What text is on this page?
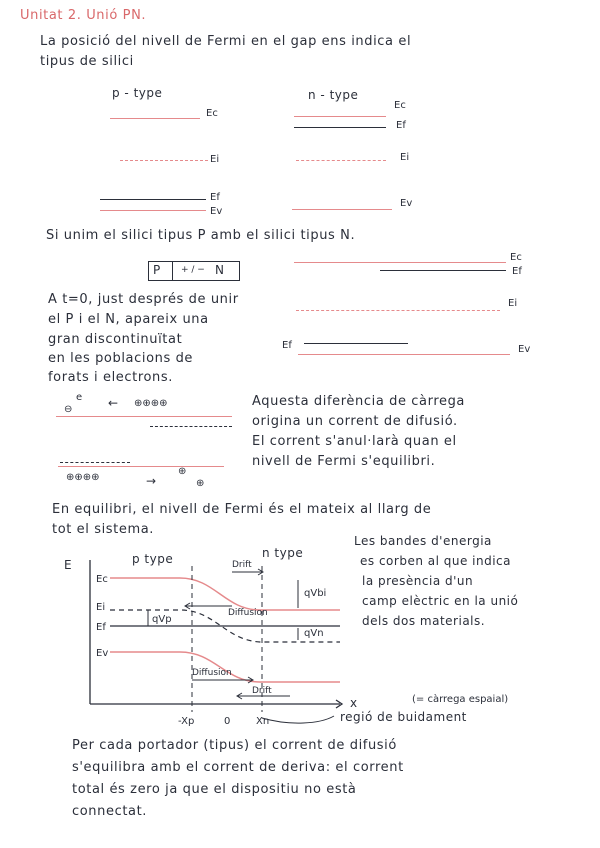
Unitat 2. Unió PN.
La posició del nivell de Fermi en el gap ens indica el
tipus de silici
p - type
Ec
Ei
Ef
Ev
n - type
Ec
Ef
Ei
Ev
Si unim el silici tipus P amb el silici tipus N.
P + / − N
Ec
Ef
Ei
Ef	Ev
A t=0, just després de unir
el P i el N, apareix una
gran discontinuïtat
en les poblacions de
forats i electrons.
e ← ⊕⊕⊕⊕
⊖
⊕⊕⊕⊕	→
⊕
⊕
Aquesta diferència de càrrega
origina un corrent de difusió.
El corrent s'anul·larà quan el
nivell de Fermi s'equilibri.
En equilibri, el nivell de Fermi és el mateix al llarg de
tot el sistema.
E
x
p type	n type
Ec
Ei
Ef
Ev
Drift
Diffusion
Diffusion
Drift
qVbi
qVp
qVn
-Xp	0	Xn
Les bandes d'energia
es corben al que indica
la presència d'un
camp elèctric en la unió
dels dos materials.
(= càrrega espaial)
regió de buidament
Per cada portador (tipus) el corrent de difusió
s'equilibra amb el corrent de deriva: el corrent
total és zero ja que el dispositiu no està
connectat.
